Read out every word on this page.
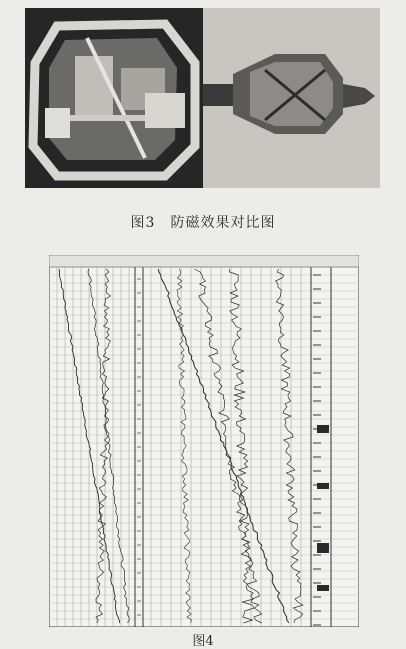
图3　防磁效果对比图
图4
